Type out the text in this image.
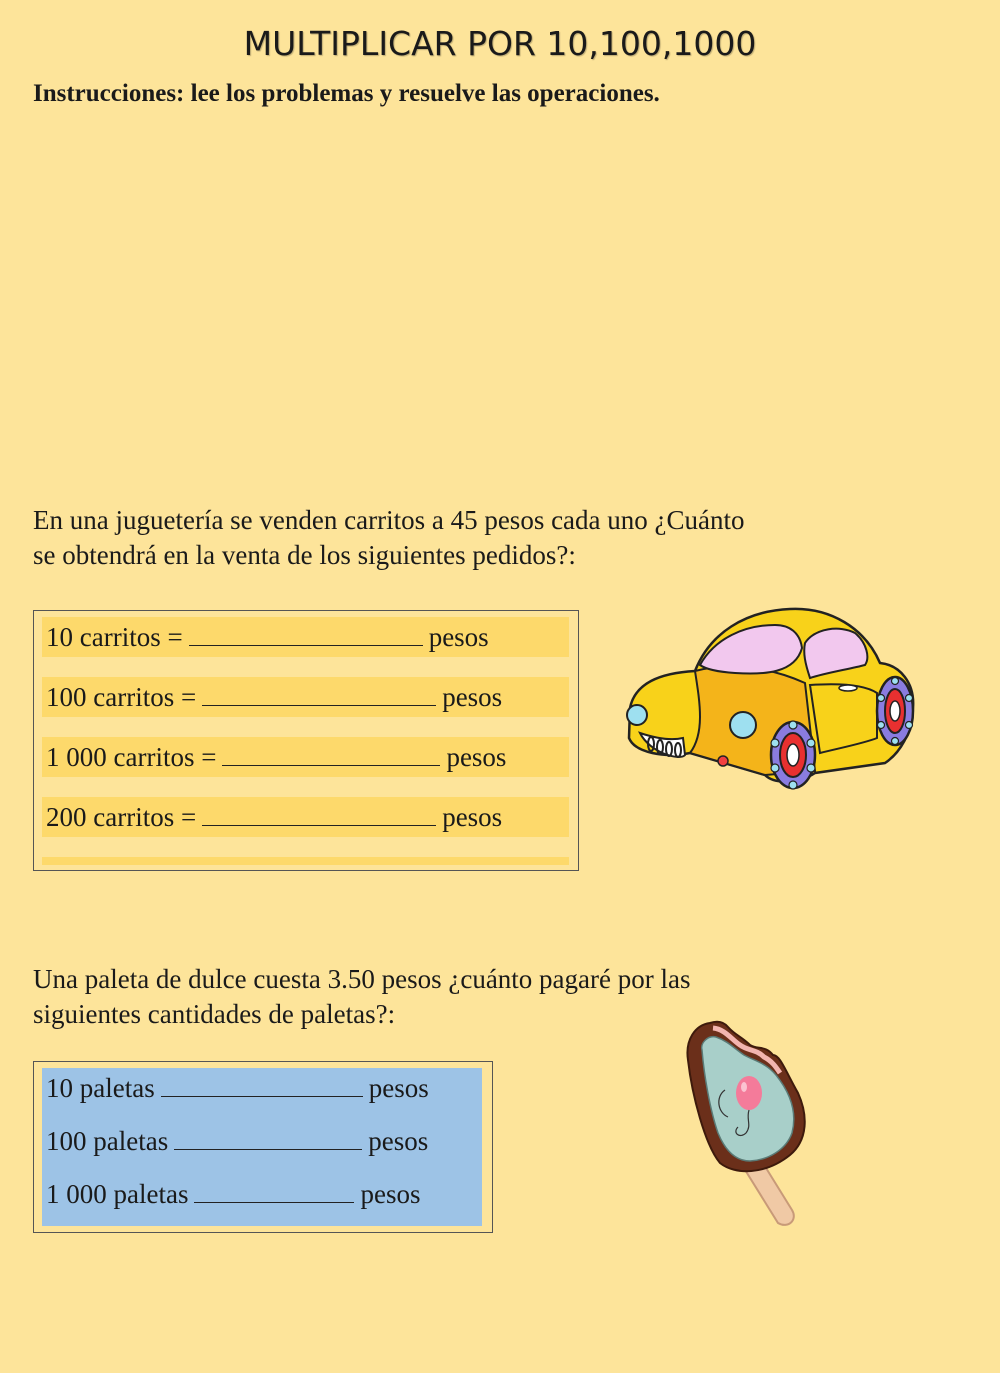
MULTIPLICAR POR 10,100,1000
Instrucciones: lee los problemas y resuelve las operaciones.
En una juguetería se venden carritos a 45 pesos cada uno ¿Cuánto
se obtendrá en la venta de los siguientes pedidos?:
10 carritos =	pesos
100 carritos =	pesos
1 000 carritos =	pesos
200 carritos =	pesos
Una paleta de dulce cuesta 3.50 pesos ¿cuánto pagaré por las
siguientes cantidades de paletas?:
10 paletas	pesos
100 paletas	pesos
1 000 paletas	pesos
